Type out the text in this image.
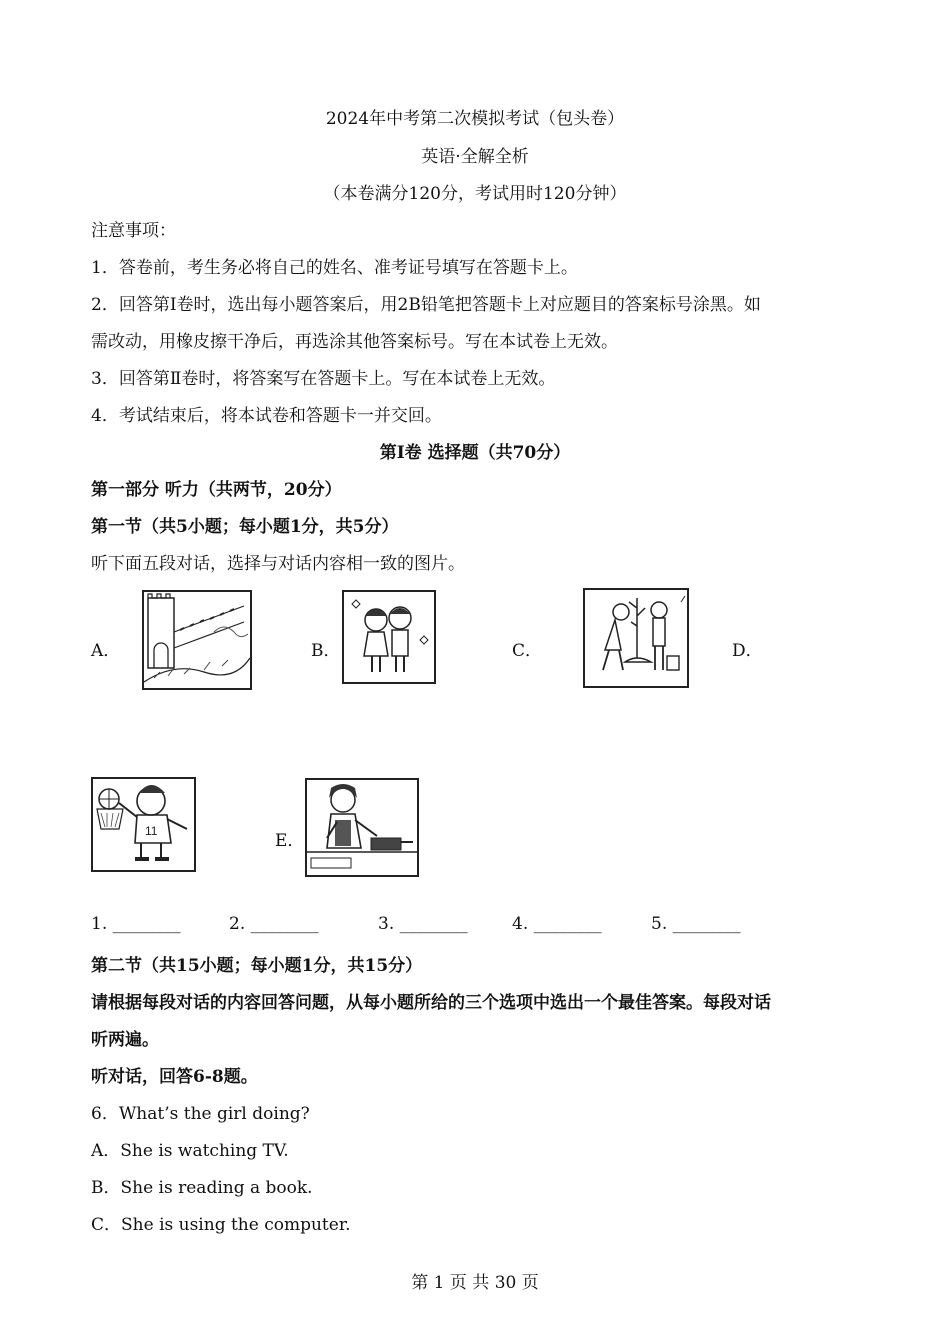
2024年中考第二次模拟考试（包头卷）
英语·全解全析
（本卷满分120分，考试用时120分钟）
注意事项：
1．答卷前，考生务必将自己的姓名、准考证号填写在答题卡上。
2．回答第Ⅰ卷时，选出每小题答案后，用2B铅笔把答题卡上对应题目的答案标号涂黑。如
需改动，用橡皮擦干净后，再选涂其他答案标号。写在本试卷上无效。
3．回答第Ⅱ卷时，将答案写在答题卡上。写在本试卷上无效。
4．考试结束后，将本试卷和答题卡一并交回。
第Ⅰ卷 选择题（共70分）
第一部分 听力（共两节，20分）
第一节（共5小题；每小题1分，共5分）
听下面五段对话，选择与对话内容相一致的图片。
A．	B．	C．	D．
11	E．
1. ________	2. ________	3. ________	4. ________	5. ________
第二节（共15小题；每小题1分，共15分）
请根据每段对话的内容回答问题，从每小题所给的三个选项中选出一个最佳答案。每段对话
听两遍。
听对话，回答6-8题。
6．What’s the girl doing?
A．She is watching TV.
B．She is reading a book.
C．She is using the computer.
第 1 页 共 30 页
